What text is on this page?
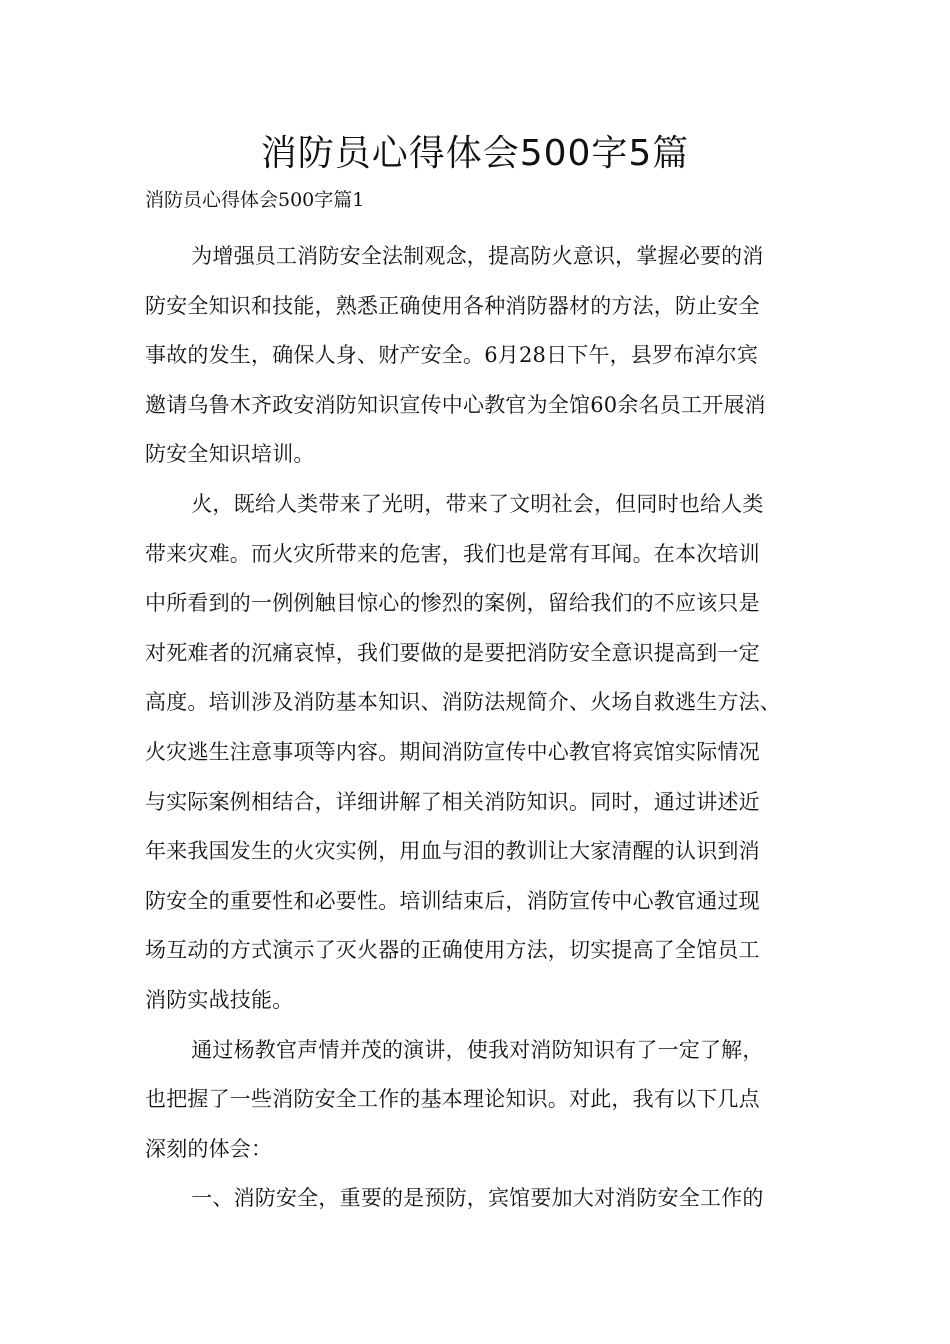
消防员心得体会500字5篇

消防员心得体会500字篇1

为增强员工消防安全法制观念，提高防火意识，掌握必要的消
防安全知识和技能，熟悉正确使用各种消防器材的方法，防止安全
事故的发生，确保人身、财产安全。6月28日下午，县罗布淖尔宾
邀请乌鲁木齐政安消防知识宣传中心教官为全馆60余名员工开展消
防安全知识培训。

火，既给人类带来了光明，带来了文明社会，但同时也给人类
带来灾难。而火灾所带来的危害，我们也是常有耳闻。在本次培训
中所看到的一例例触目惊心的惨烈的案例，留给我们的不应该只是
对死难者的沉痛哀悼，我们要做的是要把消防安全意识提高到一定
高度。培训涉及消防基本知识、消防法规简介、火场自救逃生方法、
火灾逃生注意事项等内容。期间消防宣传中心教官将宾馆实际情况
与实际案例相结合，详细讲解了相关消防知识。同时，通过讲述近
年来我国发生的火灾实例，用血与泪的教训让大家清醒的认识到消
防安全的重要性和必要性。培训结束后，消防宣传中心教官通过现
场互动的方式演示了灭火器的正确使用方法，切实提高了全馆员工
消防实战技能。

通过杨教官声情并茂的演讲，使我对消防知识有了一定了解，
也把握了一些消防安全工作的基本理论知识。对此，我有以下几点
深刻的体会：

一、消防安全，重要的是预防，宾馆要加大对消防安全工作的
